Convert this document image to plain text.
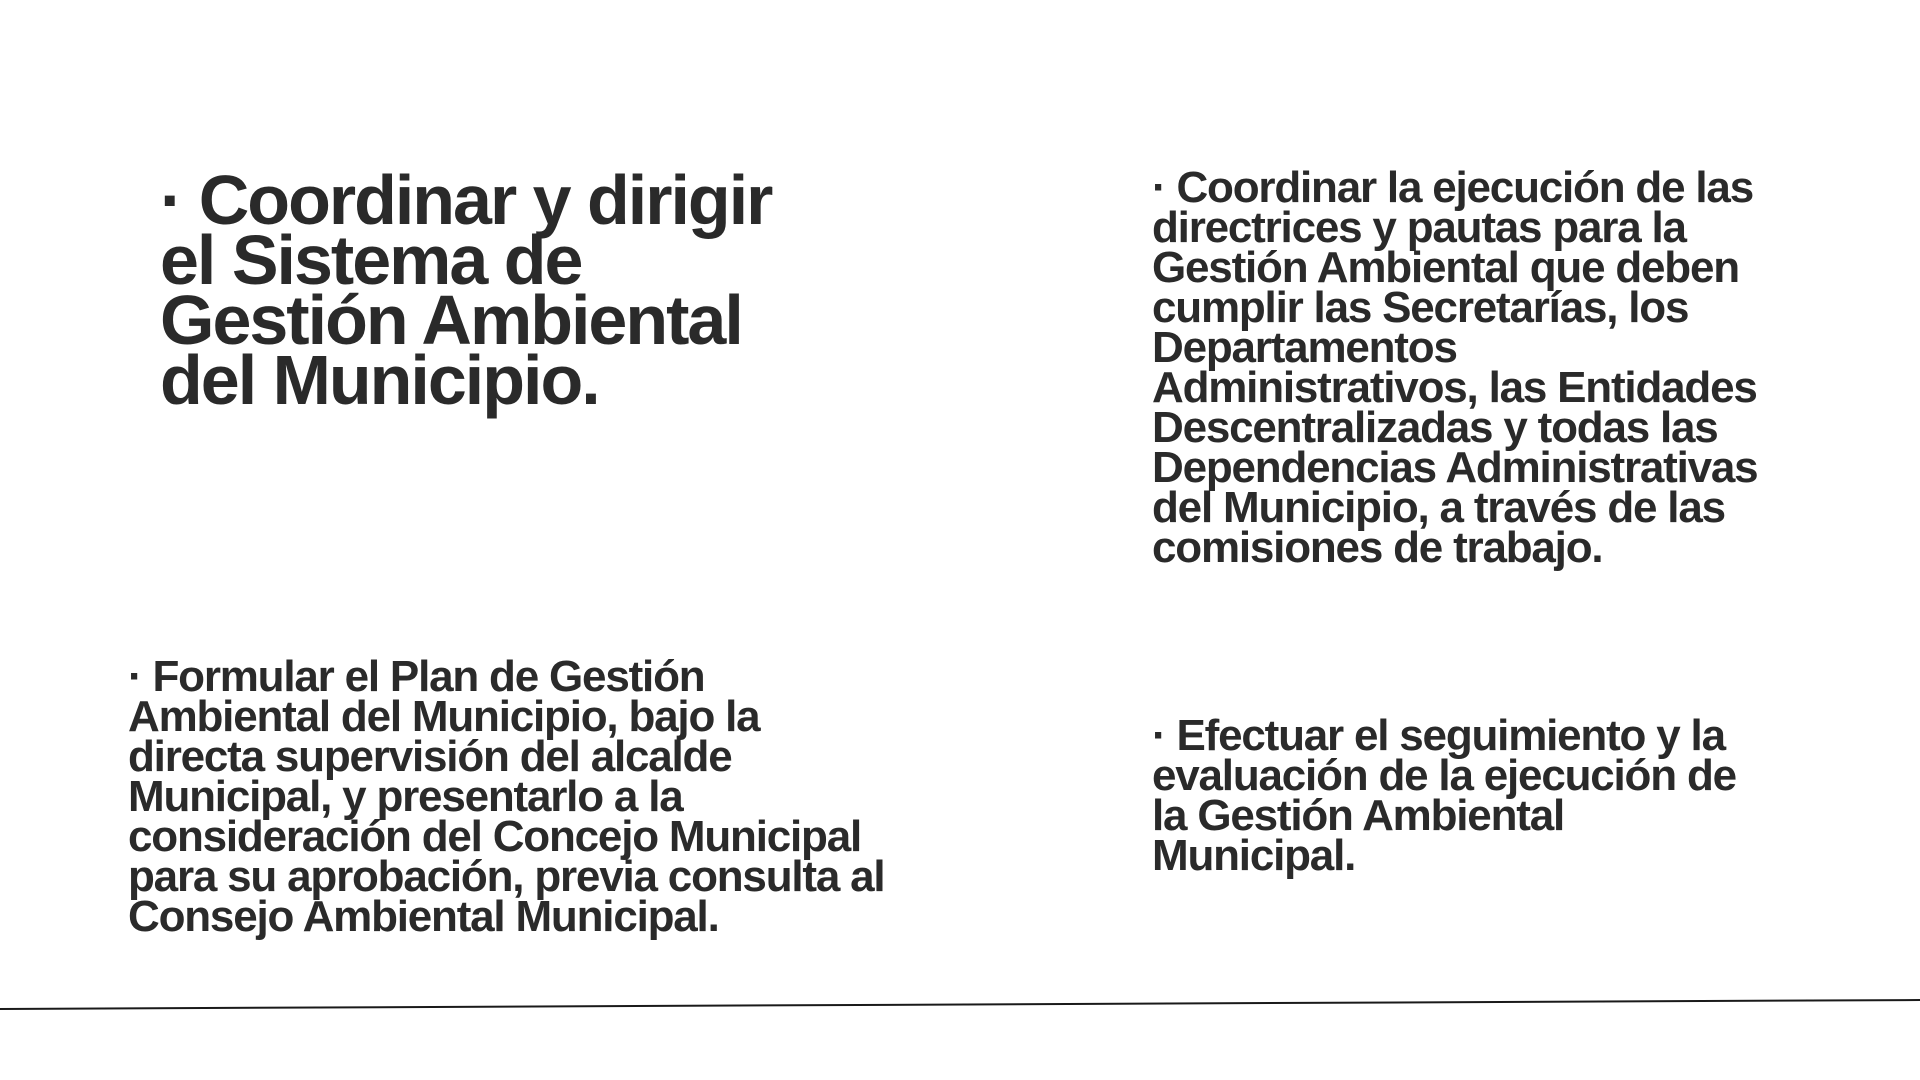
· Coordinar y dirigir
el Sistema de
Gestión Ambiental
del Municipio.

· Coordinar la ejecución de las
directrices y pautas para la
Gestión Ambiental que deben
cumplir las Secretarías, los
Departamentos
Administrativos, las Entidades
Descentralizadas y todas las
Dependencias Administrativas
del Municipio, a través de las
comisiones de trabajo.

· Formular el Plan de Gestión
Ambiental del Municipio, bajo la
directa supervisión del alcalde
Municipal, y presentarlo a la
consideración del Concejo Municipal
para su aprobación, previa consulta al
Consejo Ambiental Municipal.

· Efectuar el seguimiento y la
evaluación de la ejecución de
la Gestión Ambiental
Municipal.
